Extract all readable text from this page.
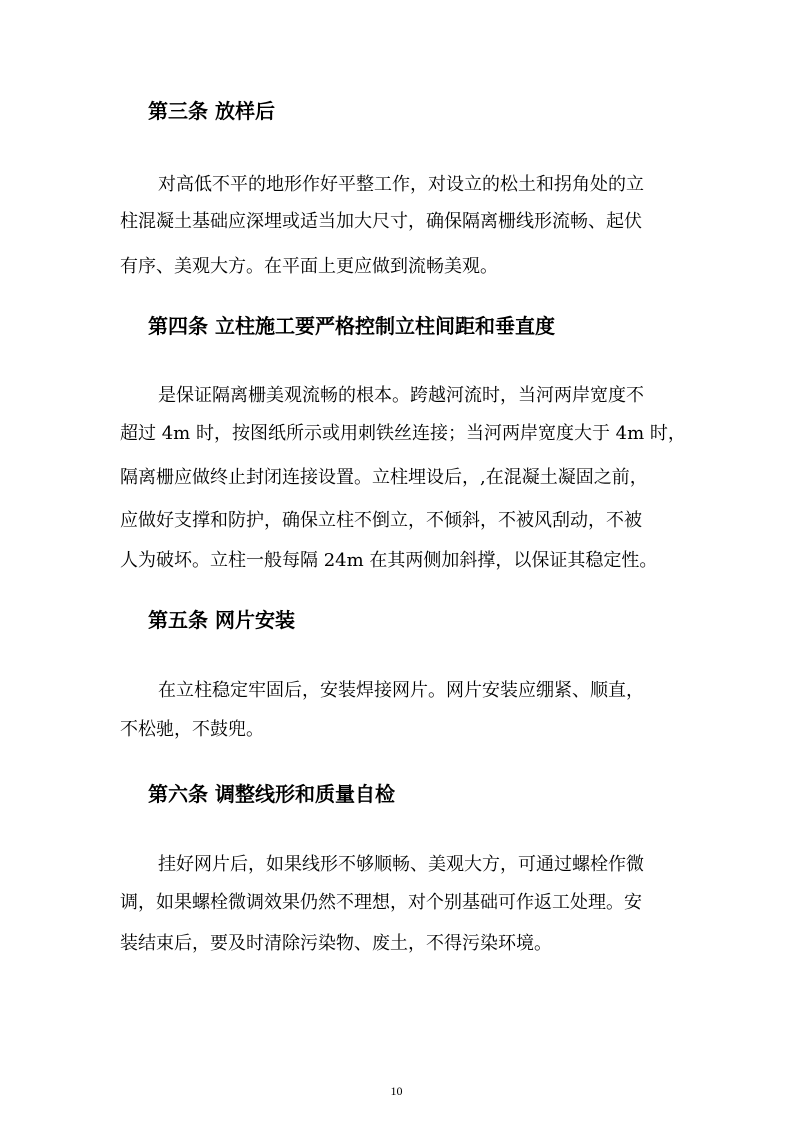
第三条 放样后

对高低不平的地形作好平整工作，对设立的松土和拐角处的立

柱混凝土基础应深埋或适当加大尺寸，确保隔离栅线形流畅、起伏

有序、美观大方。在平面上更应做到流畅美观。

第四条 立柱施工要严格控制立柱间距和垂直度

是保证隔离栅美观流畅的根本。跨越河流时，当河两岸宽度不

超过 4m 时，按图纸所示或用刺铁丝连接；当河两岸宽度大于 4m 时，

隔离栅应做终止封闭连接设置。立柱埋设后，,在混凝土凝固之前，

应做好支撑和防护，确保立柱不倒立，不倾斜，不被风刮动，不被

人为破坏。立柱一般每隔 24m 在其两侧加斜撑，以保证其稳定性。

第五条 网片安装

在立柱稳定牢固后，安装焊接网片。网片安装应绷紧、顺直，

不松驰，不鼓兜。

第六条 调整线形和质量自检

挂好网片后，如果线形不够顺畅、美观大方，可通过螺栓作微

调，如果螺栓微调效果仍然不理想，对个别基础可作返工处理。安

装结束后，要及时清除污染物、废土，不得污染环境。

10
